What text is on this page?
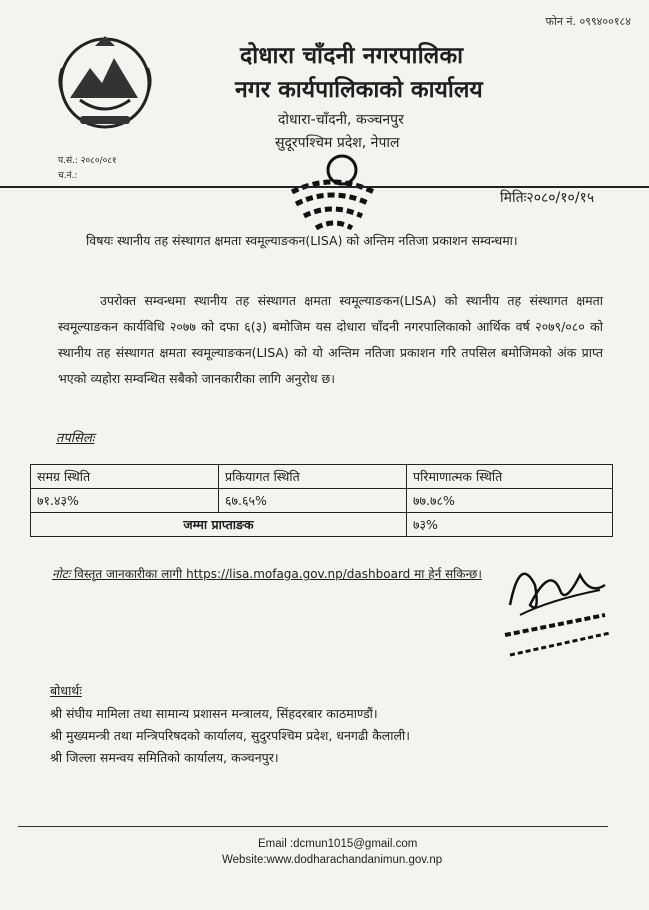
फोन नं. ०९९४००१८४
दोधारा चाँदनी नगरपालिका
नगर कार्यपालिकाको कार्यालय
दोधारा-चाँदनी, कञ्चनपुर
सुदूरपश्चिम प्रदेश, नेपाल
प.सं.: २०८०/०८१
च.नं.:
मितिः२०८०/१०/१५
विषयः स्थानीय तह संस्थागत क्षमता स्वमूल्याङकन(LISA) को अन्तिम नतिजा प्रकाशन सम्वन्धमा।

उपरोक्त सम्वन्धमा स्थानीय तह संस्थागत क्षमता स्वमूल्याङकन(LISA) को स्थानीय तह संस्थागत क्षमता स्वमूल्याङकन कार्यविधि २०७७ को दफा ६(३) बमोजिम यस दोधारा चाँदनी नगरपालिकाको आर्थिक वर्ष २०७९/०८० को स्थानीय तह संस्थागत क्षमता स्वमूल्याङकन(LISA) को यो अन्तिम नतिजा प्रकाशन गरि तपसिल बमोजिमको अंक प्राप्त भएको व्यहोरा सम्वन्धित सबैको जानकारीका लागि अनुरोध छ।

तपसिलः
समग्र स्थिति	प्रकियागत स्थिति	परिमाणात्मक स्थिति
७१.४३%	६७.६५%	७७.७८%
जम्मा प्राप्ताङक		७३%
नोटः विस्तृत जानकारीका लागी https://lisa.mofaga.gov.np/dashboard मा हेर्न सकिन्छ।
बोधार्थः
श्री संघीय मामिला तथा सामान्य प्रशासन मन्त्रालय, सिंहदरबार काठमाण्डौं।
श्री मुख्यमन्त्री तथा मन्त्रिपरिषदको कार्यालय, सुदुरपश्चिम प्रदेश, धनगढी कैलाली।
श्री जिल्ला समन्वय समितिको कार्यालय, कञ्चनपुर।
Email :dcmun1015@gmail.com
Website:www.dodharachandanimun.gov.np
